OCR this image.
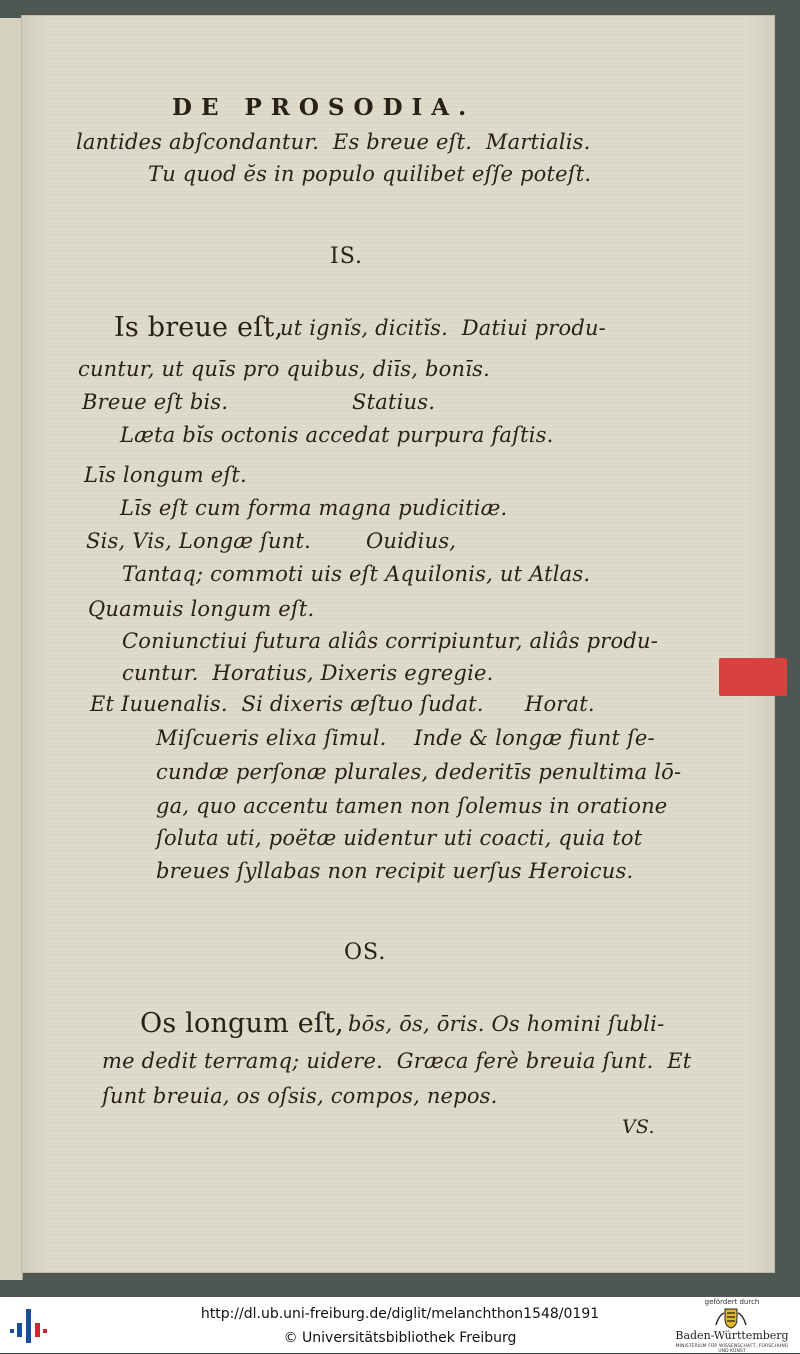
DE PROSODIA.
lantides abſcondantur.  Es breue eſt.  Martialis.
Tu quod ĕs in populo quilibet eſſe poteſt.
IS.
Is breue eſt,
ut ignĭs, dicitĭs.  Datiui produ-
cuntur, ut quīs pro quibus, diīs, bonīs.
Breue eſt bis.                  Statius.
Læta bĭs octonis accedat purpura faſtis.
Līs longum eſt.
Līs eſt cum forma magna pudicitiæ.
Sis, Vis, Longæ ſunt.        Ouidius,
Tantaq; commoti uis eſt Aquilonis, ut Atlas.
Quamuis longum eſt.
Coniunctiui futura aliâs corripiuntur, aliâs produ-
cuntur.  Horatius, Dixeris egregie.
Et Iuuenalis.  Si dixeris æſtuo ſudat.      Horat.
Miſcueris elixa ſimul.    Inde & longæ fiunt ſe-
cundæ perſonæ plurales, dederitīs penultima lō-
ga, quo accentu tamen non ſolemus in oratione
ſoluta uti, poëtæ uidentur uti coacti, quia tot
breues ſyllabas non recipit uerſus Heroicus.
OS.
Os longum eſt, bōs, ōs, ōris. Os homini ſubli-
me dedit terramq; uidere.  Græca ferè breuia ſunt.  Et
ſunt breuia, os oſsis, compos, nepos.
VS.
http://dl.ub.uni-freiburg.de/diglit/melanchthon1548/0191
© Universitätsbibliothek Freiburg
gefördert durch
Baden-Württemberg
MINISTERIUM FÜR WISSENSCHAFT, FORSCHUNG UND KUNST
